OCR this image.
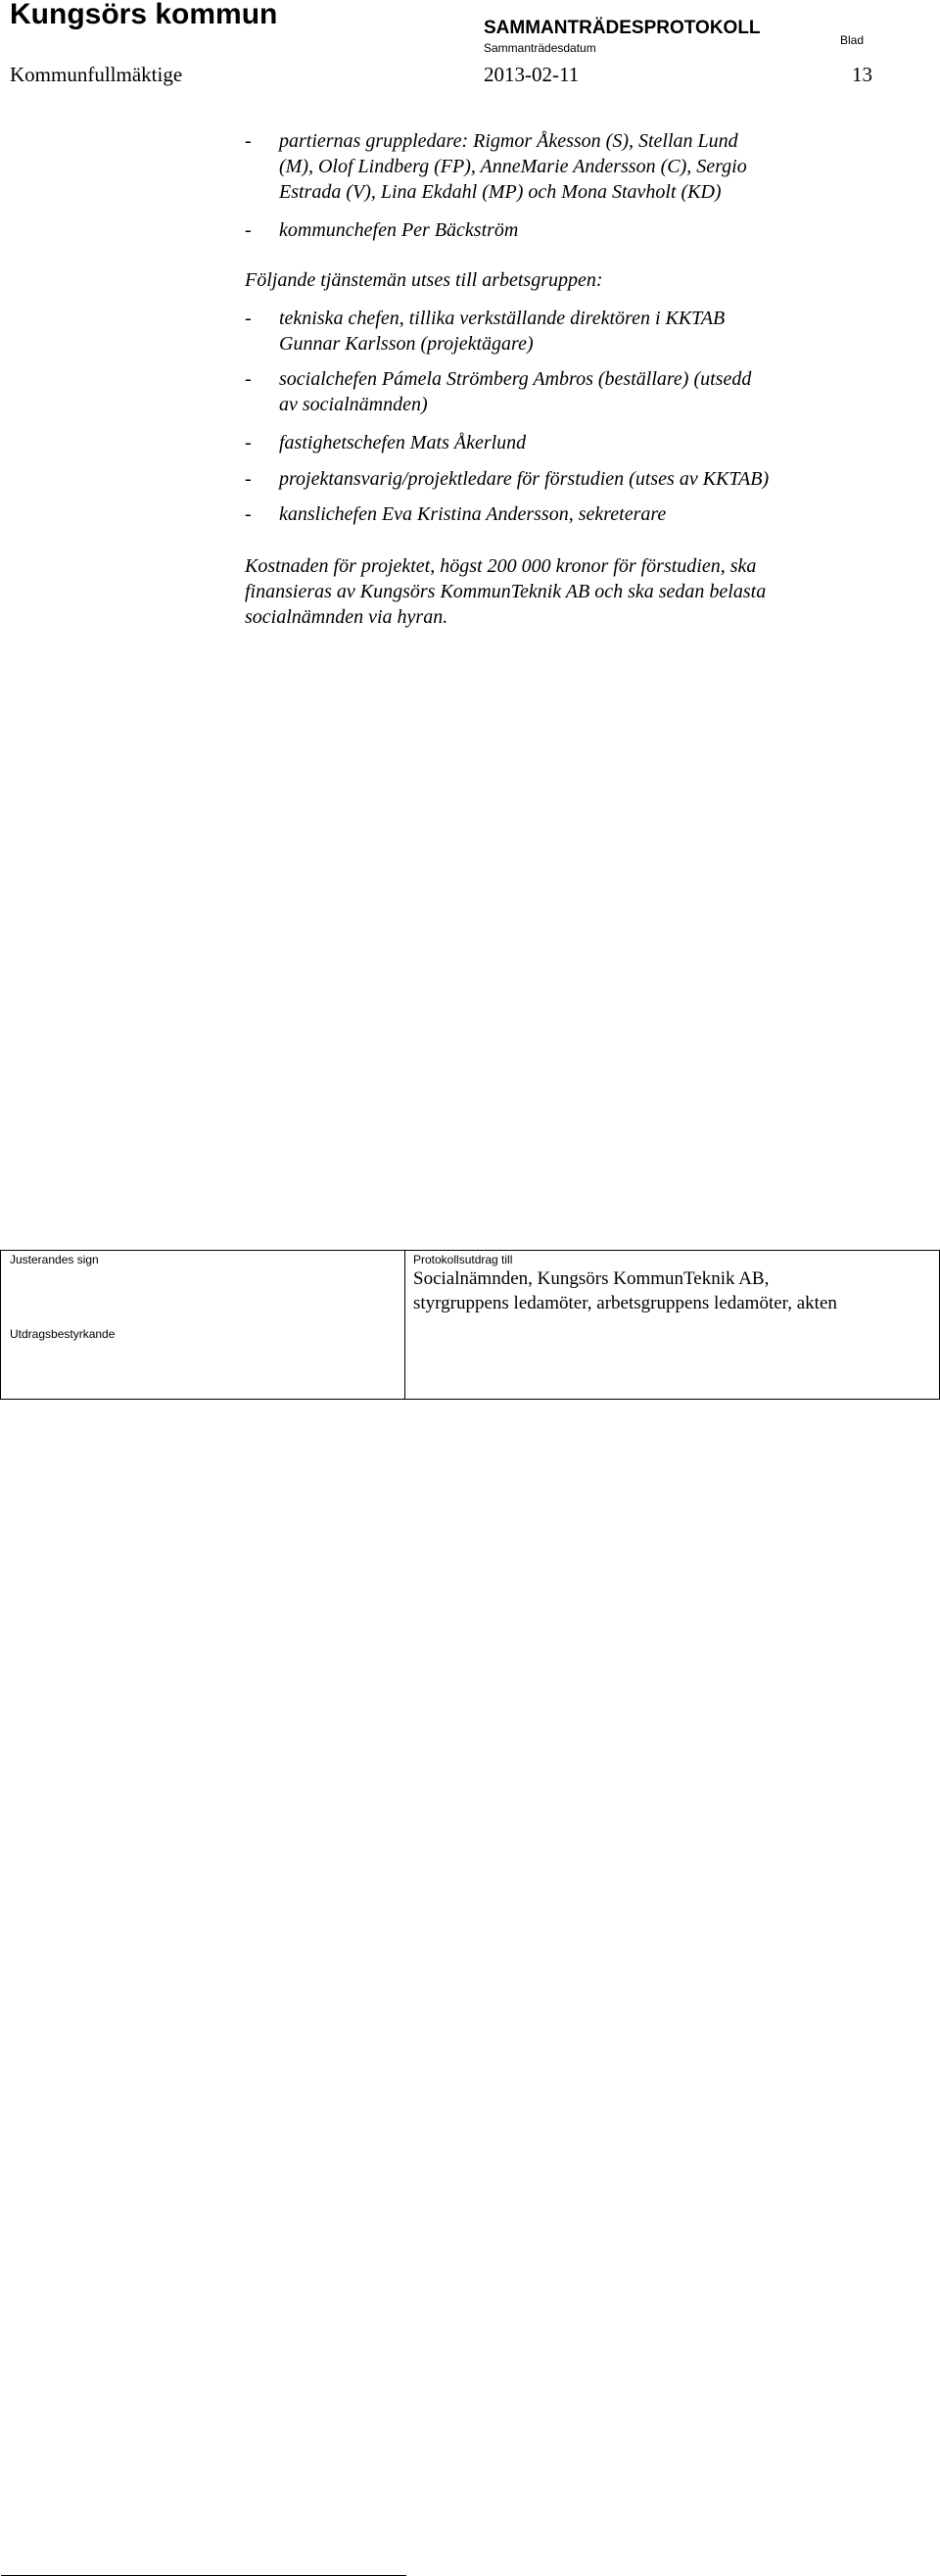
Kungsörs kommun	SAMMANTRÄDESPROTOKOLL
Sammanträdesdatum
Blad
Kommunfullmäktige	2013-02-11	13
- partiernas gruppledare: Rigmor Åkesson (S), Stellan Lund
(M), Olof Lindberg (FP), AnneMarie Andersson (C), Sergio
Estrada (V), Lina Ekdahl (MP) och Mona Stavholt (KD)
- kommunchefen Per Bäckström
Följande tjänstemän utses till arbetsgruppen:
- tekniska chefen, tillika verkställande direktören i KKTAB
Gunnar Karlsson (projektägare)
- socialchefen Pámela Strömberg Ambros (beställare) (utsedd
av socialnämnden)
- fastighetschefen Mats Åkerlund
- projektansvarig/projektledare för förstudien (utses av KKTAB)
- kanslichefen Eva Kristina Andersson, sekreterare
Kostnaden för projektet, högst 200 000 kronor för förstudien, ska
finansieras av Kungsörs KommunTeknik AB och ska sedan belasta
socialnämnden via hyran.
Justerandes sign
Utdragsbestyrkande
Protokollsutdrag till
Socialnämnden, Kungsörs KommunTeknik AB,
styrgruppens ledamöter, arbetsgruppens ledamöter, akten
